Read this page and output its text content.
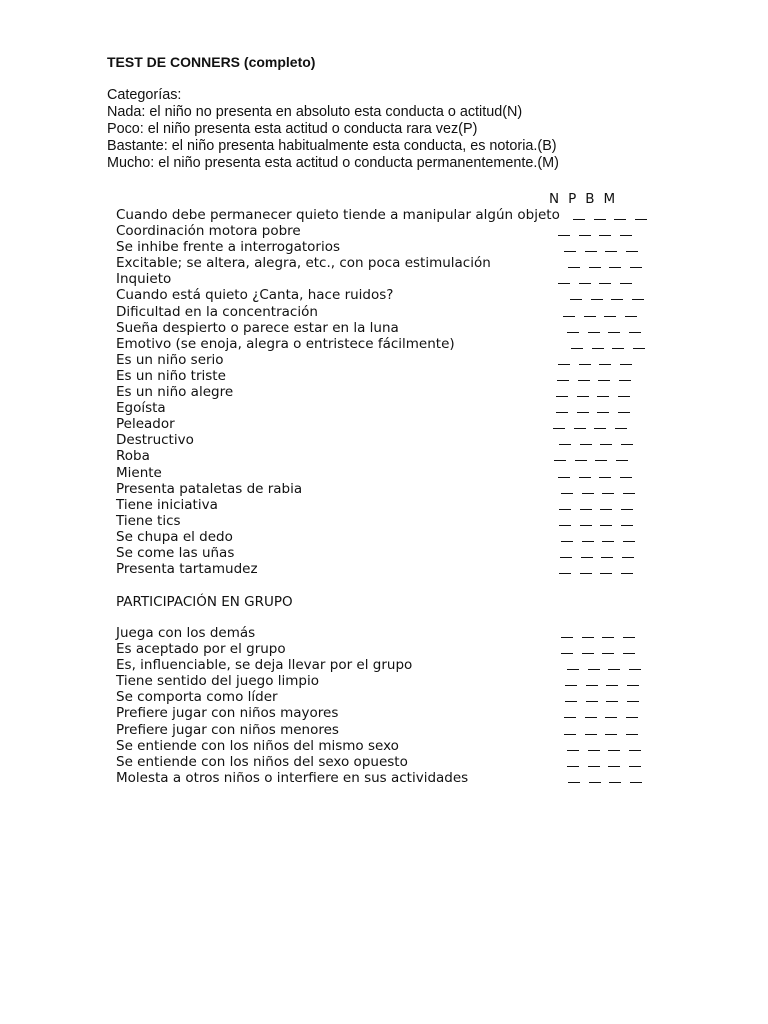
TEST DE CONNERS (completo)
Categorías:
Nada: el niño no presenta en absoluto esta conducta o actitud(N)
Poco: el niño presenta esta actitud o conducta rara vez(P)
Bastante: el niño presenta habitualmente esta conducta, es notoria.(B)
Mucho: el niño presenta esta actitud o conducta permanentemente.(M)
N P B M
Cuando debe permanecer quieto tiende a manipular algún objeto
Coordinación motora pobre
Se inhibe frente a interrogatorios
Excitable; se altera, alegra, etc., con poca estimulación
Inquieto
Cuando está quieto ¿Canta, hace ruidos?
Dificultad en la concentración
Sueña despierto o parece estar en la luna
Emotivo (se enoja, alegra o entristece fácilmente)
Es un niño serio
Es un niño triste
Es un niño alegre
Egoísta
Peleador
Destructivo
Roba
Miente
Presenta pataletas de rabia
Tiene iniciativa
Tiene tics
Se chupa el dedo
Se come las uñas
Presenta tartamudez
PARTICIPACIÓN EN GRUPO
Juega con los demás
Es aceptado por el grupo
Es, influenciable, se deja llevar por el grupo
Tiene sentido del juego limpio
Se comporta como líder
Prefiere jugar con niños mayores
Prefiere jugar con niños menores
Se entiende con los niños del mismo sexo
Se entiende con los niños del sexo opuesto
Molesta a otros niños o interfiere en sus actividades
